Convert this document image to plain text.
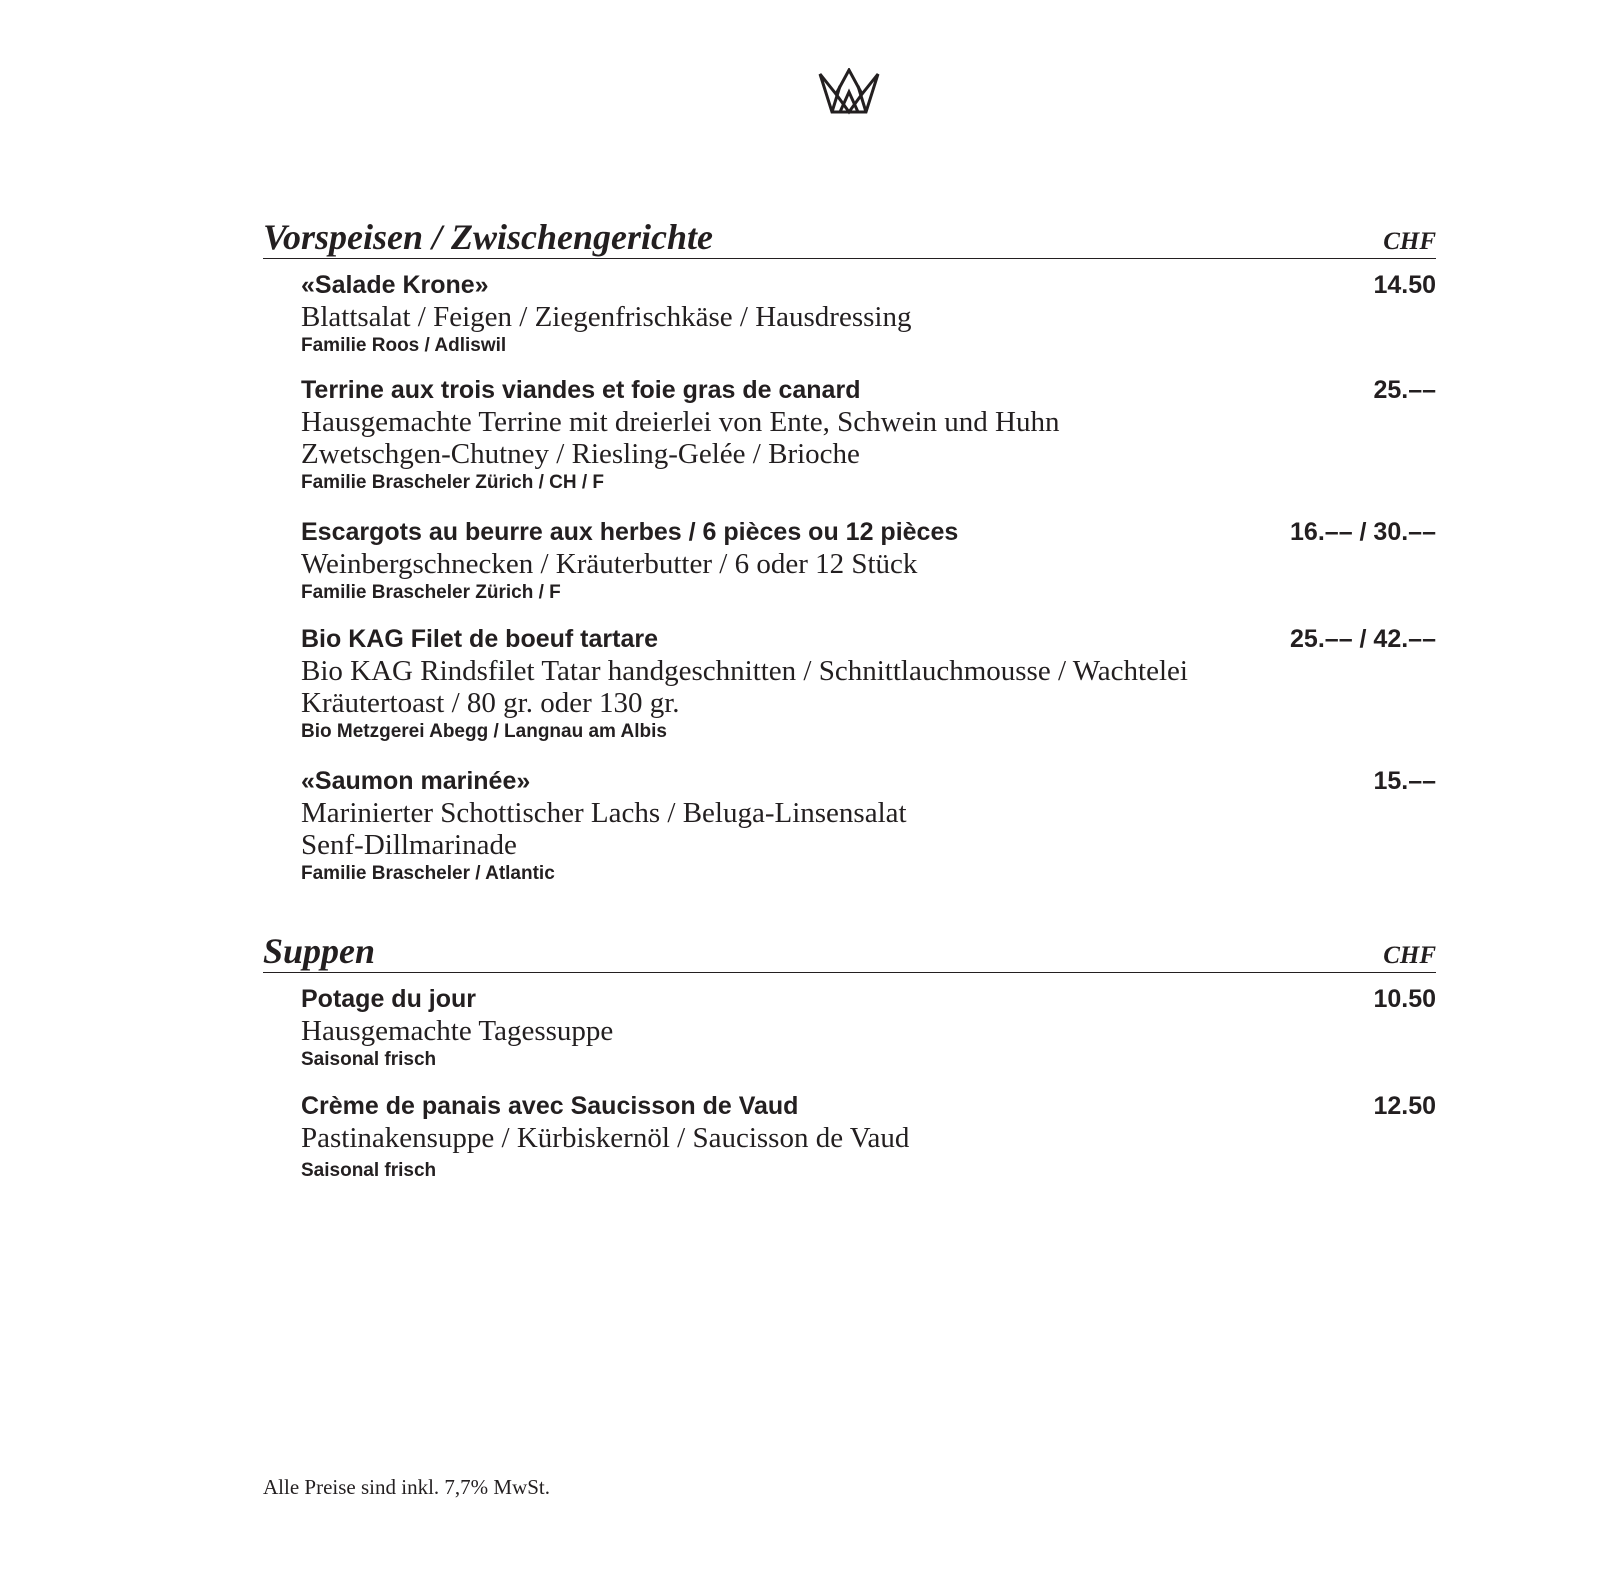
Vorspeisen / Zwischengerichte	CHF
«Salade Krone»	14.50
Blattsalat / Feigen / Ziegenfrischkäse / Hausdressing
Familie Roos / Adliswil
Terrine aux trois viandes et foie gras de canard	25.––
Hausgemachte Terrine mit dreierlei von Ente, Schwein und Huhn
Zwetschgen-Chutney / Riesling-Gelée / Brioche
Familie Brascheler Zürich / CH / F
Escargots au beurre aux herbes / 6 pièces ou 12 pièces	16.–– / 30.––
Weinbergschnecken / Kräuterbutter / 6 oder 12 Stück
Familie Brascheler Zürich / F
Bio KAG Filet de boeuf tartare	25.–– / 42.––
Bio KAG Rindsfilet Tatar handgeschnitten / Schnittlauchmousse / Wachtelei
Kräutertoast / 80 gr. oder 130 gr.
Bio Metzgerei Abegg / Langnau am Albis
«Saumon marinée»	15.––
Marinierter Schottischer Lachs / Beluga-Linsensalat
Senf-Dillmarinade
Familie Brascheler / Atlantic
Suppen	CHF
Potage du jour	10.50
Hausgemachte Tagessuppe
Saisonal frisch
Crème de panais avec Saucisson de Vaud	12.50
Pastinakensuppe / Kürbiskernöl / Saucisson de Vaud
Saisonal frisch
Alle Preise sind inkl. 7,7% MwSt.
